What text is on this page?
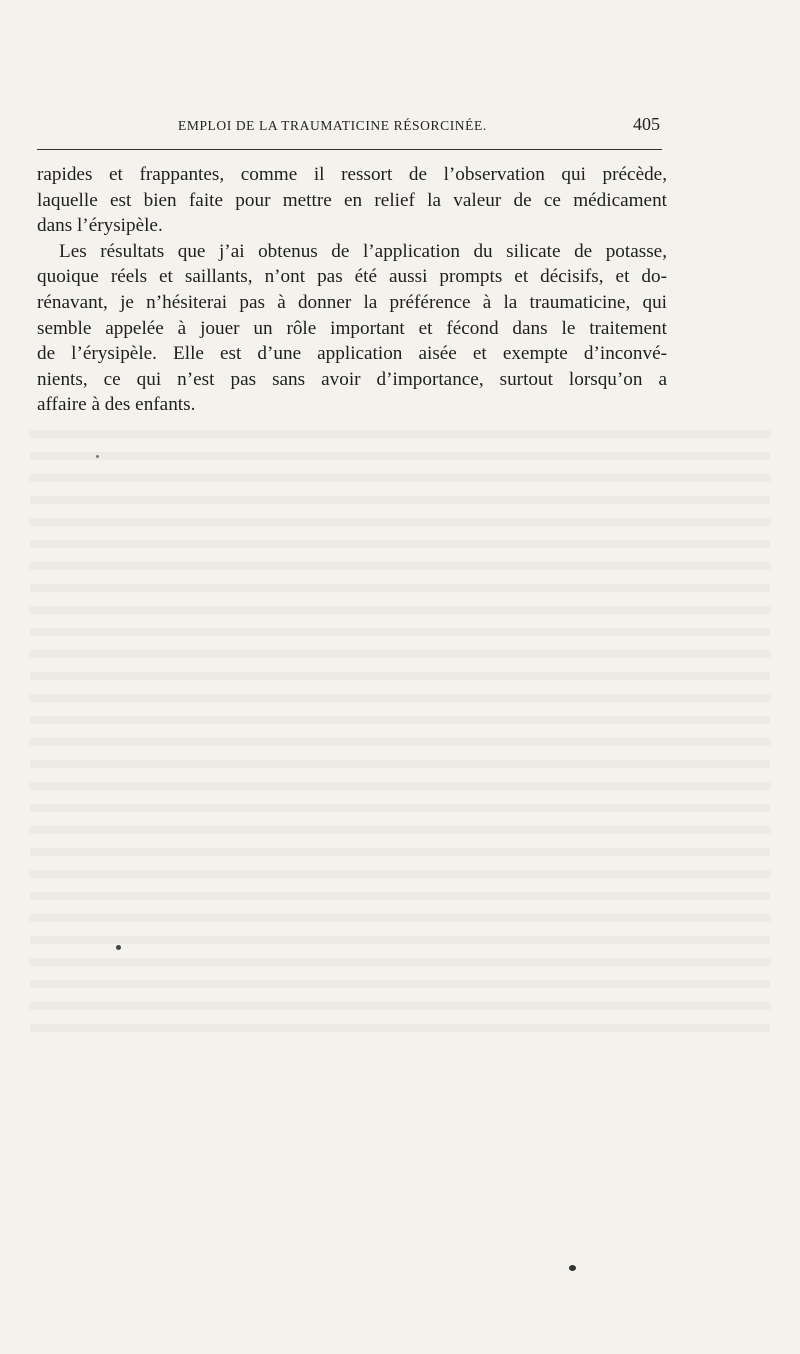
EMPLOI DE LA TRAUMATICINE RÉSORCINÉE.	405

rapides et frappantes, comme il ressort de l’observation qui précède,
laquelle est bien faite pour mettre en relief la valeur de ce médicament
dans l’érysipèle.

Les résultats que j’ai obtenus de l’application du silicate de potasse,
quoique réels et saillants, n’ont pas été aussi prompts et décisifs, et do-
rénavant, je n’hésiterai pas à donner la préférence à la traumaticine, qui
semble appelée à jouer un rôle important et fécond dans le traitement
de l’érysipèle. Elle est d’une application aisée et exempte d’inconvé-
nients, ce qui n’est pas sans avoir d’importance, surtout lorsqu’on a
affaire à des enfants.
